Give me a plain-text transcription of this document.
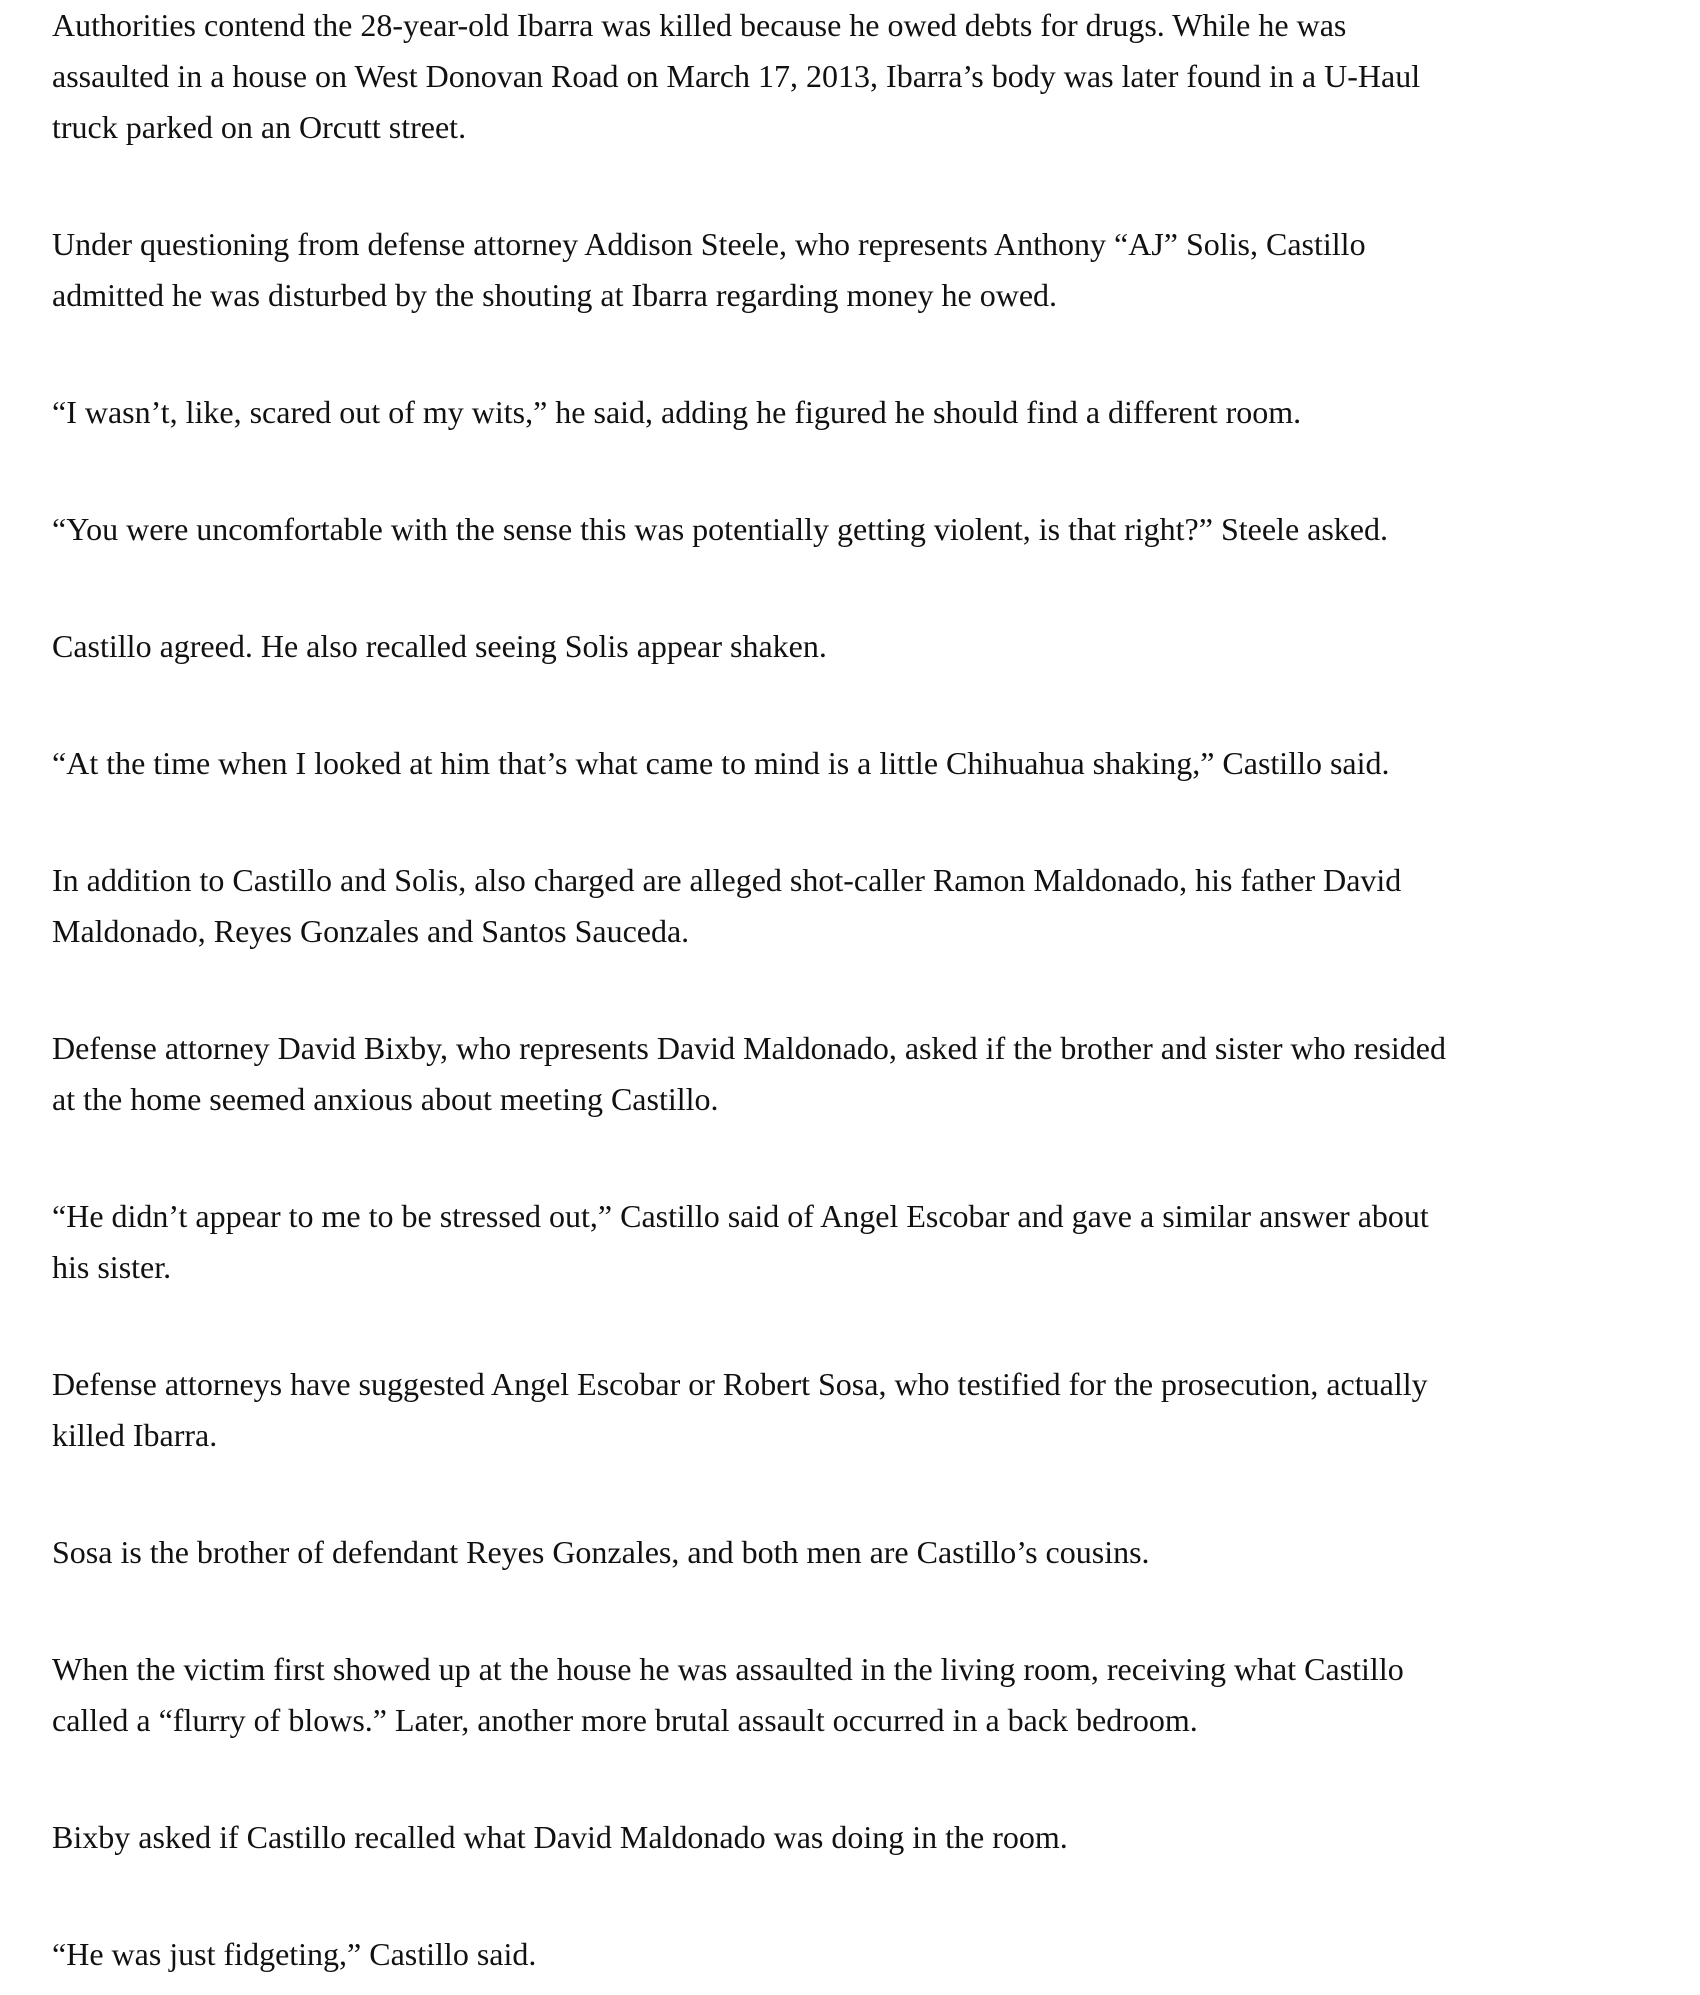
Authorities contend the 28-year-old Ibarra was killed because he owed debts for drugs. While he was
assaulted in a house on West Donovan Road on March 17, 2013, Ibarra’s body was later found in a U-Haul
truck parked on an Orcutt street.

Under questioning from defense attorney Addison Steele, who represents Anthony “AJ” Solis, Castillo
admitted he was disturbed by the shouting at Ibarra regarding money he owed.

“I wasn’t, like, scared out of my wits,” he said, adding he figured he should find a different room.

“You were uncomfortable with the sense this was potentially getting violent, is that right?” Steele asked.

Castillo agreed. He also recalled seeing Solis appear shaken.

“At the time when I looked at him that’s what came to mind is a little Chihuahua shaking,” Castillo said.

In addition to Castillo and Solis, also charged are alleged shot-caller Ramon Maldonado, his father David
Maldonado, Reyes Gonzales and Santos Sauceda.

Defense attorney David Bixby, who represents David Maldonado, asked if the brother and sister who resided
at the home seemed anxious about meeting Castillo.

“He didn’t appear to me to be stressed out,” Castillo said of Angel Escobar and gave a similar answer about
his sister.

Defense attorneys have suggested Angel Escobar or Robert Sosa, who testified for the prosecution, actually
killed Ibarra.

Sosa is the brother of defendant Reyes Gonzales, and both men are Castillo’s cousins.

When the victim first showed up at the house he was assaulted in the living room, receiving what Castillo
called a “flurry of blows.” Later, another more brutal assault occurred in a back bedroom.

Bixby asked if Castillo recalled what David Maldonado was doing in the room.

“He was just fidgeting,” Castillo said.
